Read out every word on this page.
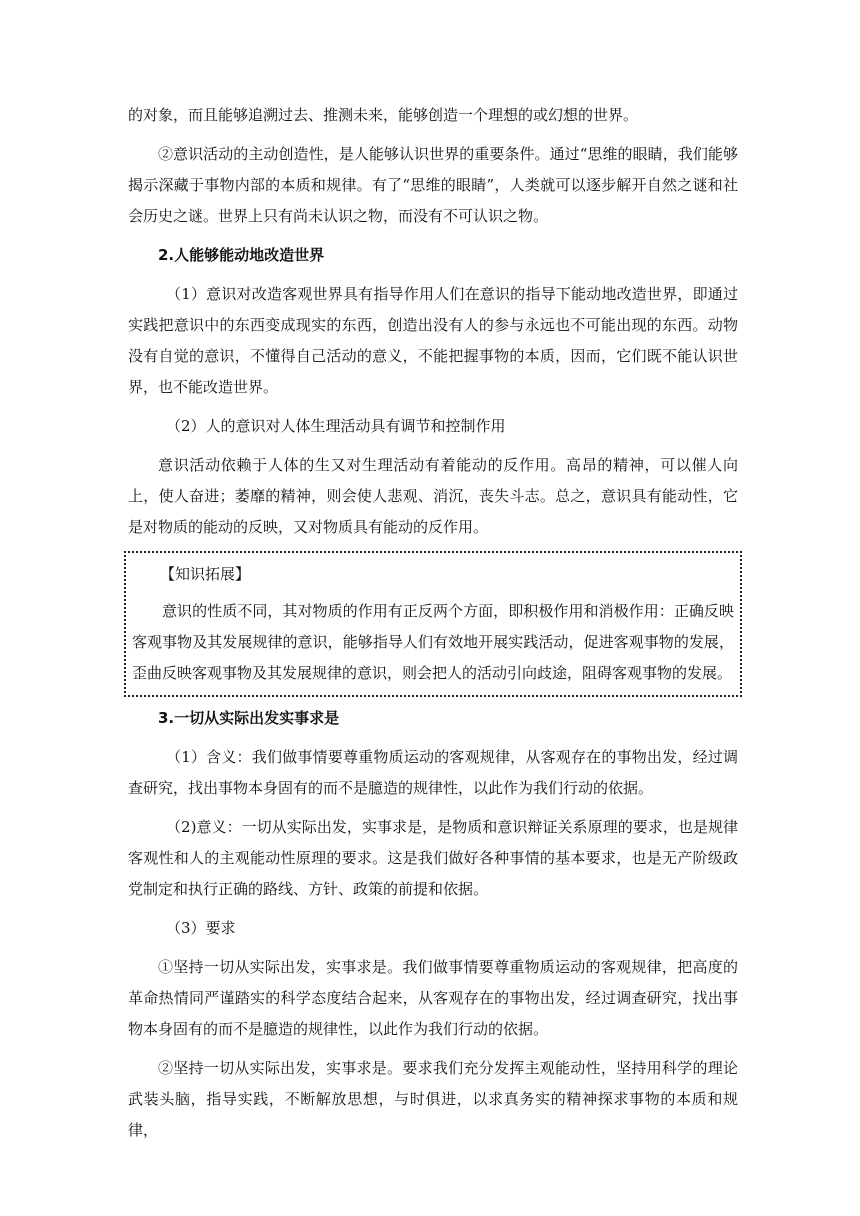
的对象，而且能够追溯过去、推测未来，能够创造一个理想的或幻想的世界。

②意识活动的主动创造性，是人能够认识世界的重要条件。通过“思维的眼睛，我们能够揭示深藏于事物内部的本质和规律。有了“思维的眼睛”，人类就可以逐步解开自然之谜和社会历史之谜。世界上只有尚未认识之物，而没有不可认识之物。

2.人能够能动地改造世界

（1）意识对改造客观世界具有指导作用人们在意识的指导下能动地改造世界，即通过实践把意识中的东西变成现实的东西，创造出没有人的参与永远也不可能出现的东西。动物没有自觉的意识，不懂得自己活动的意义，不能把握事物的本质，因而，它们既不能认识世界，也不能改造世界。

（2）人的意识对人体生理活动具有调节和控制作用

意识活动依赖于人体的生又对生理活动有着能动的反作用。高昂的精神，可以催人向上，使人奋进；萎靡的精神，则会使人悲观、消沉，丧失斗志。总之，意识具有能动性，它是对物质的能动的反映，又对物质具有能动的反作用。

【知识拓展】

意识的性质不同，其对物质的作用有正反两个方面，即积极作用和消极作用：正确反映客观事物及其发展规律的意识，能够指导人们有效地开展实践活动，促进客观事物的发展，歪曲反映客观事物及其发展规律的意识，则会把人的活动引向歧途，阻碍客观事物的发展。

3.一切从实际出发实事求是

（1）含义：我们做事情要尊重物质运动的客观规律，从客观存在的事物出发，经过调查研究，找出事物本身固有的而不是臆造的规律性，以此作为我们行动的依据。

（2)意义：一切从实际出发，实事求是，是物质和意识辩证关系原理的要求，也是规律客观性和人的主观能动性原理的要求。这是我们做好各种事情的基本要求，也是无产阶级政党制定和执行正确的路线、方针、政策的前提和依据。

（3）要求

①坚持一切从实际出发，实事求是。我们做事情要尊重物质运动的客观规律，把高度的革命热情同严谨踏实的科学态度结合起来，从客观存在的事物出发，经过调查研究，找出事物本身固有的而不是臆造的规律性，以此作为我们行动的依据。

②坚持一切从实际出发，实事求是。要求我们充分发挥主观能动性，坚持用科学的理论武装头脑，指导实践，不断解放思想，与时俱进，以求真务实的精神探求事物的本质和规律，
